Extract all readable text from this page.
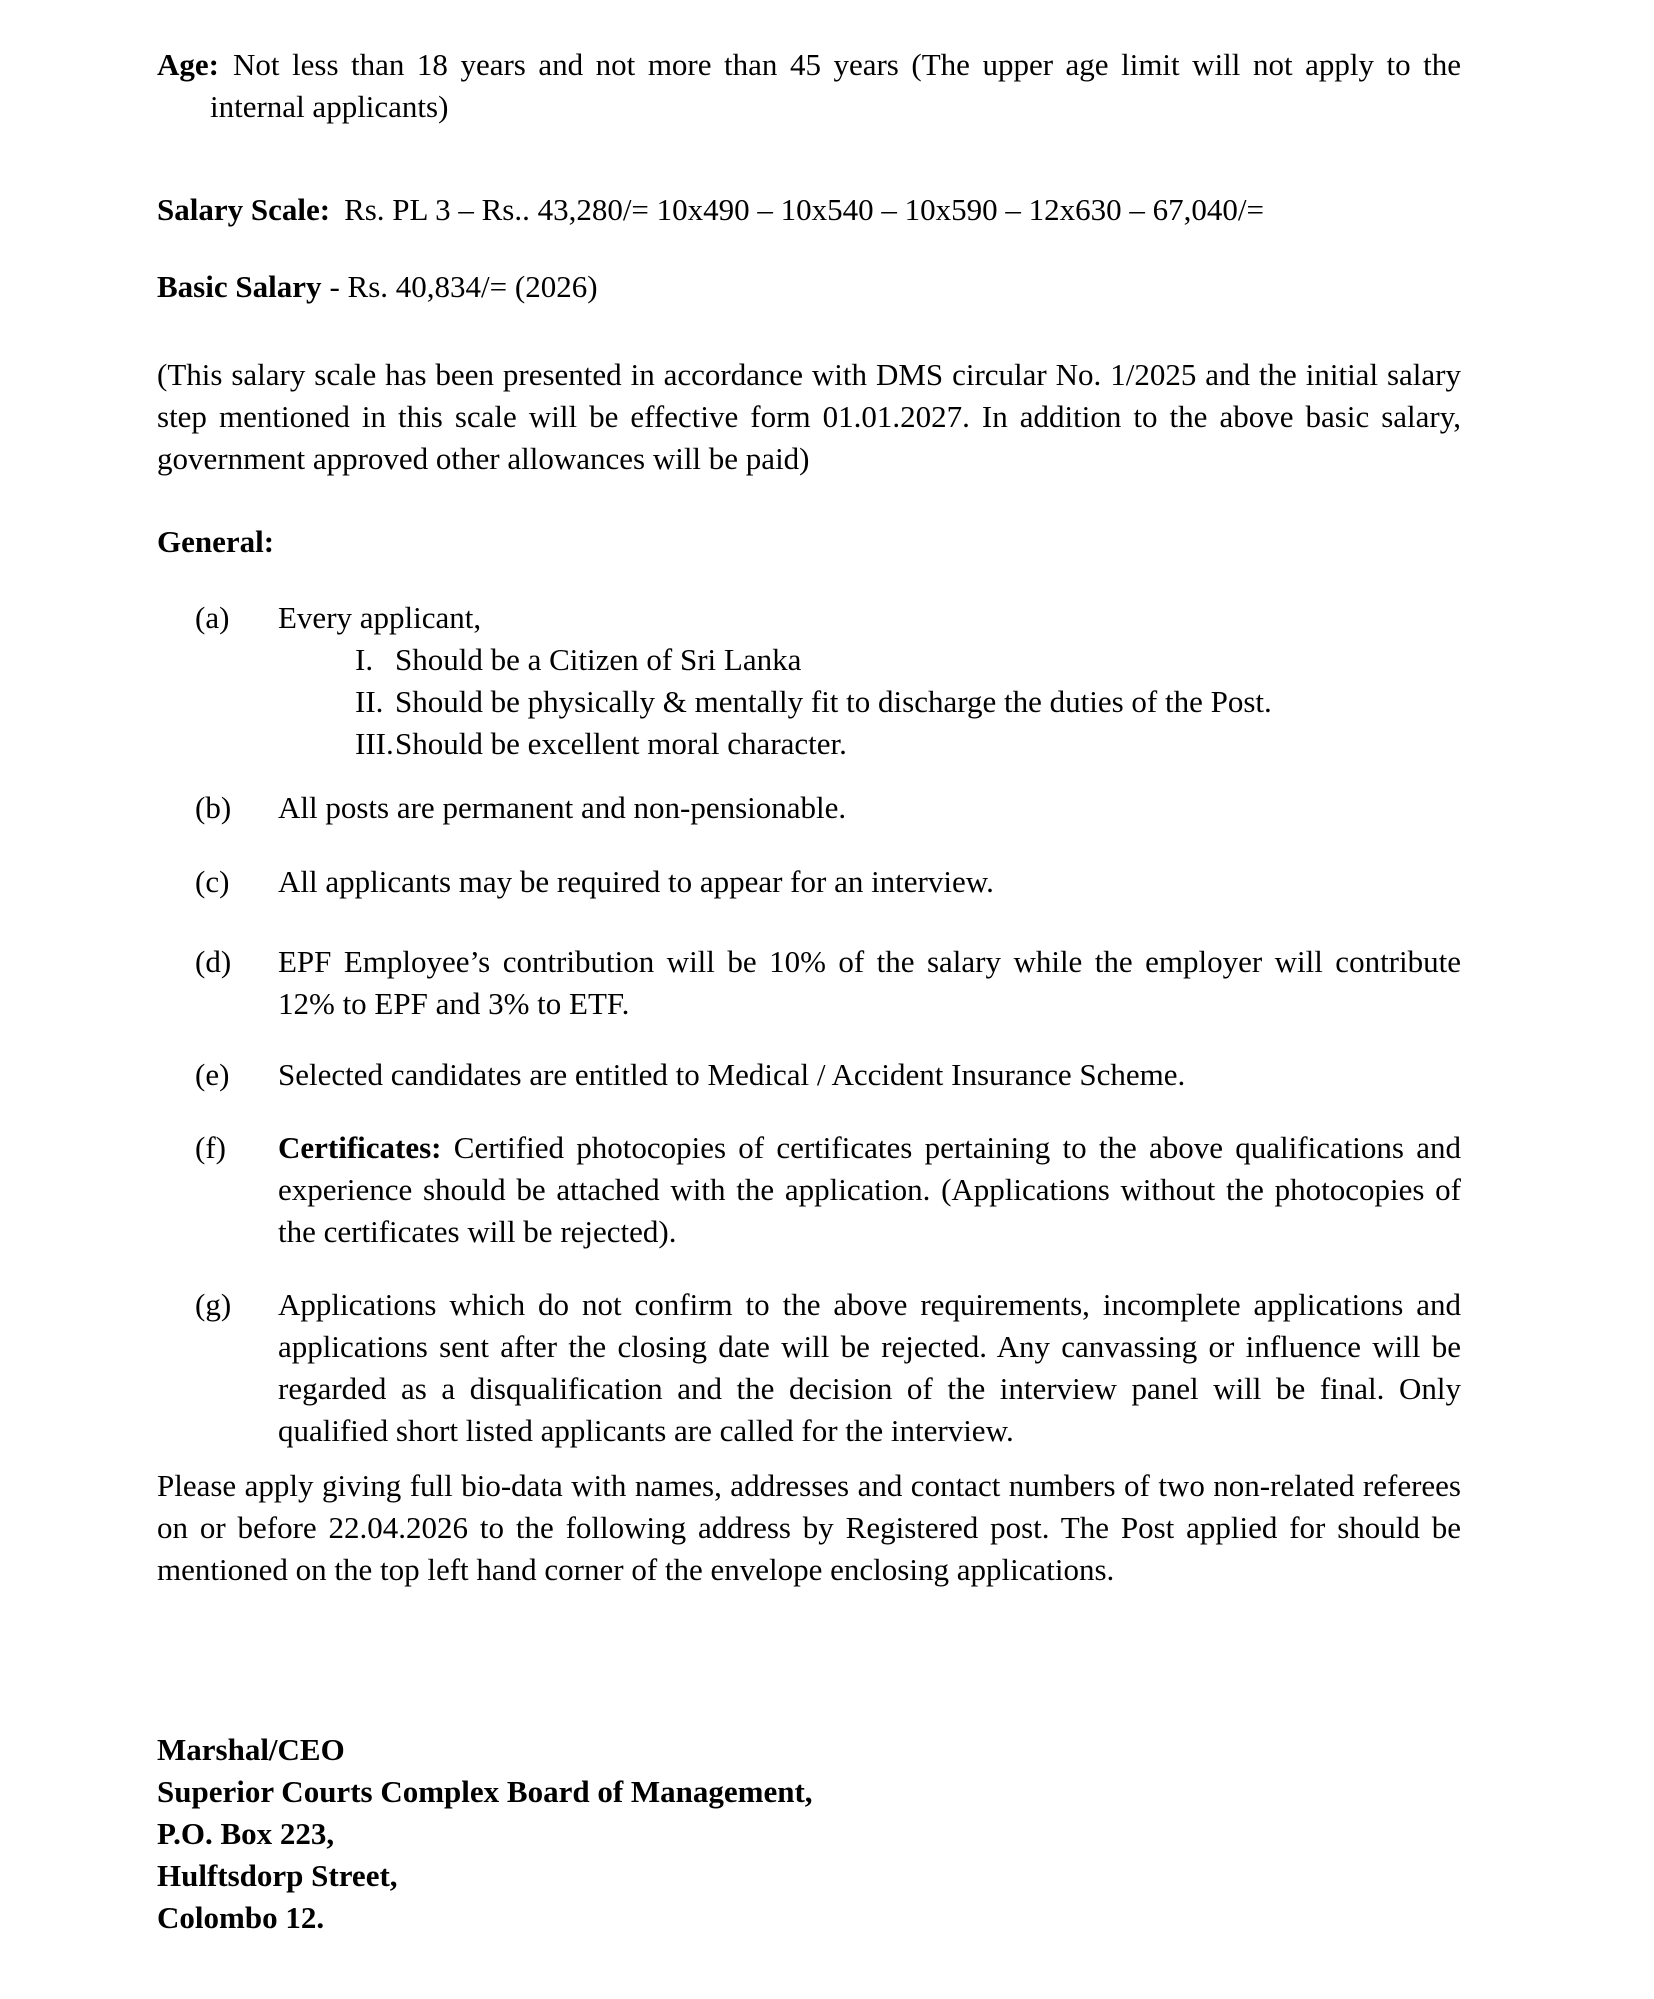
Age: Not less than 18 years and not more than 45 years (The upper age limit will not apply to the internal applicants)

Salary Scale: Rs. PL 3 – Rs.. 43,280/= 10x490 – 10x540 – 10x590 – 12x630 – 67,040/=

Basic Salary - Rs. 40,834/= (2026)

(This salary scale has been presented in accordance with DMS circular No. 1/2025 and the initial salary step mentioned in this scale will be effective form 01.01.2027. In addition to the above basic salary, government approved other allowances will be paid)

General:

(a)	Every applicant,
I. Should be a Citizen of Sri Lanka
II. Should be physically & mentally fit to discharge the duties of the Post.
III. Should be excellent moral character.
(b)	All posts are permanent and non-pensionable.
(c)	All applicants may be required to appear for an interview.
(d)	EPF Employee’s contribution will be 10% of the salary while the employer will contribute 12% to EPF and 3% to ETF.
(e)	Selected candidates are entitled to Medical / Accident Insurance Scheme.
(f)	Certificates: Certified photocopies of certificates pertaining to the above qualifications and experience should be attached with the application. (Applications without the photocopies of the certificates will be rejected).
(g)	Applications which do not confirm to the above requirements, incomplete applications and applications sent after the closing date will be rejected. Any canvassing or influence will be regarded as a disqualification and the decision of the interview panel will be final. Only qualified short listed applicants are called for the interview.

Please apply giving full bio-data with names, addresses and contact numbers of two non-related referees on or before 22.04.2026 to the following address by Registered post. The Post applied for should be mentioned on the top left hand corner of the envelope enclosing applications.

Marshal/CEO
Superior Courts Complex Board of Management,
P.O. Box 223,
Hulftsdorp Street,
Colombo 12.
